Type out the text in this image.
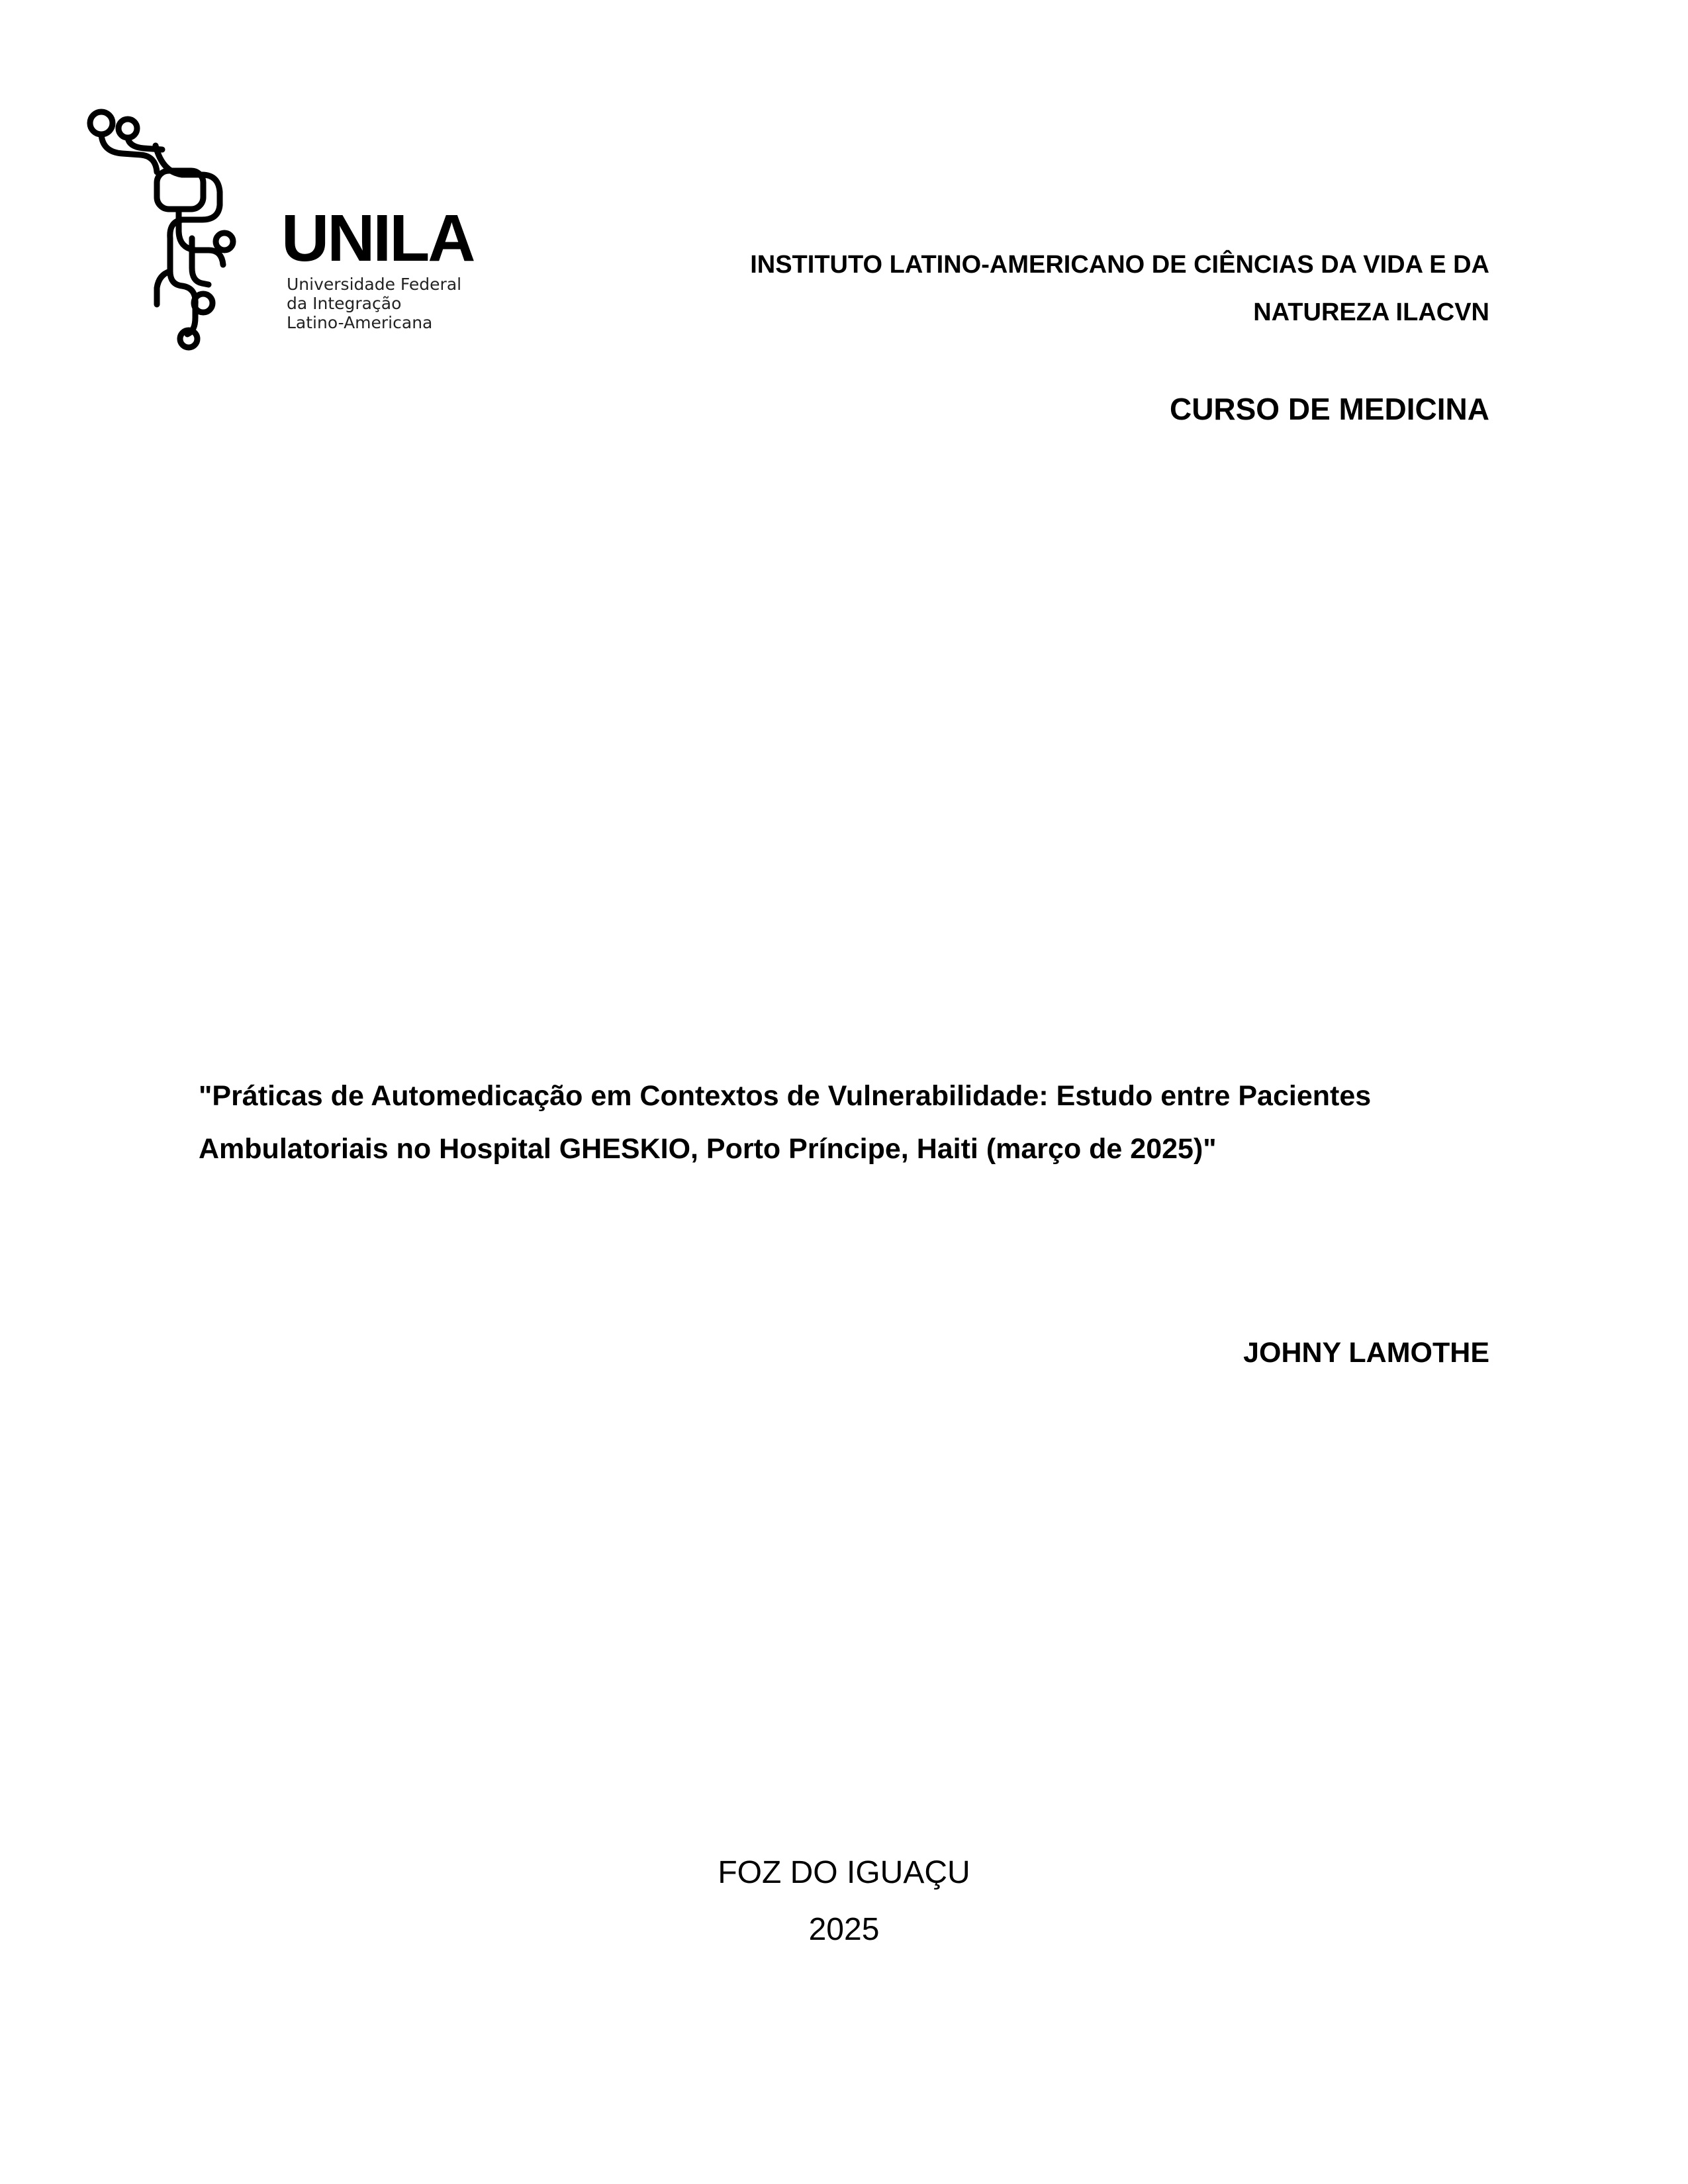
UNILA
Universidade Federal
da Integração
Latino-Americana
INSTITUTO LATINO-AMERICANO DE CIÊNCIAS DA VIDA E DA
NATUREZA ILACVN
CURSO DE MEDICINA
"Práticas de Automedicação em Contextos de Vulnerabilidade: Estudo entre Pacientes
Ambulatoriais no Hospital GHESKIO, Porto Príncipe, Haiti (março de 2025)"
JOHNY LAMOTHE
FOZ DO IGUAÇU
2025
